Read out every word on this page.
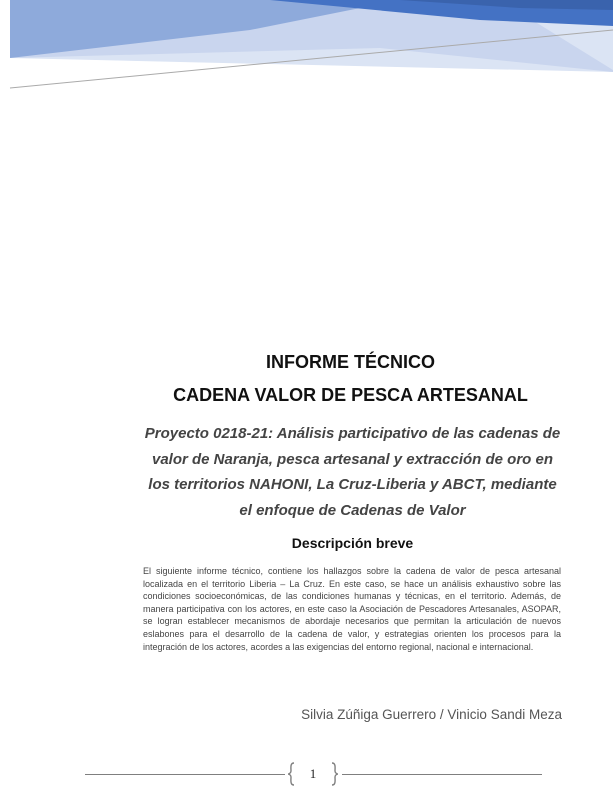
INFORME TÉCNICO
CADENA VALOR DE PESCA ARTESANAL
Proyecto 0218-21: Análisis participativo de las cadenas de valor de Naranja, pesca artesanal y extracción de oro en los territorios NAHONI, La Cruz-Liberia y ABCT, mediante el enfoque de Cadenas de Valor
Descripción breve
El siguiente informe técnico, contiene los hallazgos sobre la cadena de valor de pesca artesanal localizada en el territorio Liberia – La Cruz. En este caso, se hace un análisis exhaustivo sobre las condiciones socioeconómicas, de las condiciones humanas y técnicas, en el territorio. Además, de manera participativa con los actores, en este caso la Asociación de Pescadores Artesanales, ASOPAR, se logran establecer mecanismos de abordaje necesarios que permitan la articulación de nuevos eslabones para el desarrollo de la cadena de valor, y estrategias orienten los procesos para la integración de los actores, acordes a las exigencias del entorno regional, nacional e internacional.
Silvia Zúñiga Guerrero / Vinicio Sandi Meza
1
